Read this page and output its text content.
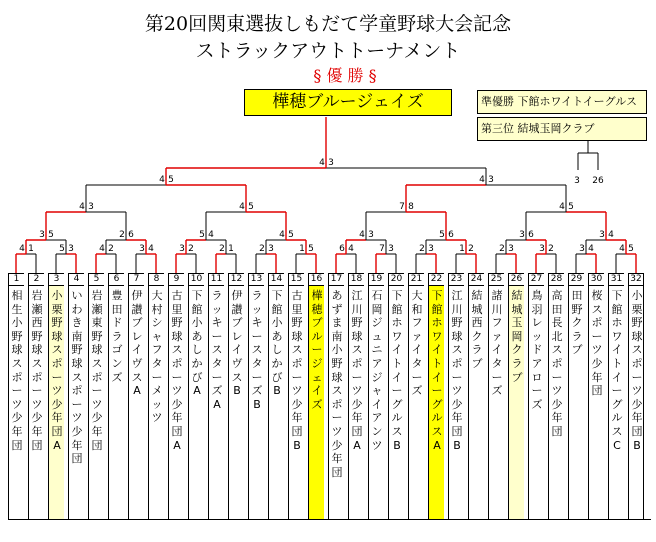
第20回関東選抜しもだて学童野球大会記念
ストラックアウトトーナメント
§ 優 勝 §
樺穂ブルージェイズ	準優勝 下館ホワイトイーグルス
第三位 結城玉岡クラブ
4 1	5 3	4 2	3 4	3 2	2 1	2 3	1 5	6 4	7 3	2 3	1 2	2 3	3 2	3 4	4 5
3 5	2 6	5 4	4 5	4 3	5 6	3 6	3 4
4 3	4 5	7 8	4 5
4 5	4 3
4 3
3 26
1
相生小野球スポーツ少年団
2
岩瀬西野球スポーツ少年団
3
小栗野球スポーツ少年団A
4
いわき南野球スポーツ少年団
5
岩瀬東野球スポーツ少年団
6
豊田ドラゴンズ
7
伊讃ブレイヴスA
8
大村シャフターメッツ
9
古里野球スポーツ少年団A
10
下館小あしかびA
11
ラッキースターズA
12
伊讃ブレイヴスB
13
ラッキースターズB
14
下館小あしかびB
15
古里野球スポーツ少年団B
16
樺穂ブルージェイズ
17
あずま南小野球スポーツ少年団
18
江川野球スポーツ少年団A
19
石岡ジュニアジャイアンツ
20
下館ホワイトイーグルスB
21
大和ファイターズ
22
下館ホワイトイーグルスA
23
江川野球スポーツ少年団B
24
結城西クラブ
25
諸川ファイターズ
26
結城玉岡クラブ
27
鳥羽レッドアローズ
28
高田長北スポーツ少年団
29
田野クラブ
30
桜スポーツ少年団
31
下館ホワイトイーグルスC
32
小栗野球スポーツ少年団B
